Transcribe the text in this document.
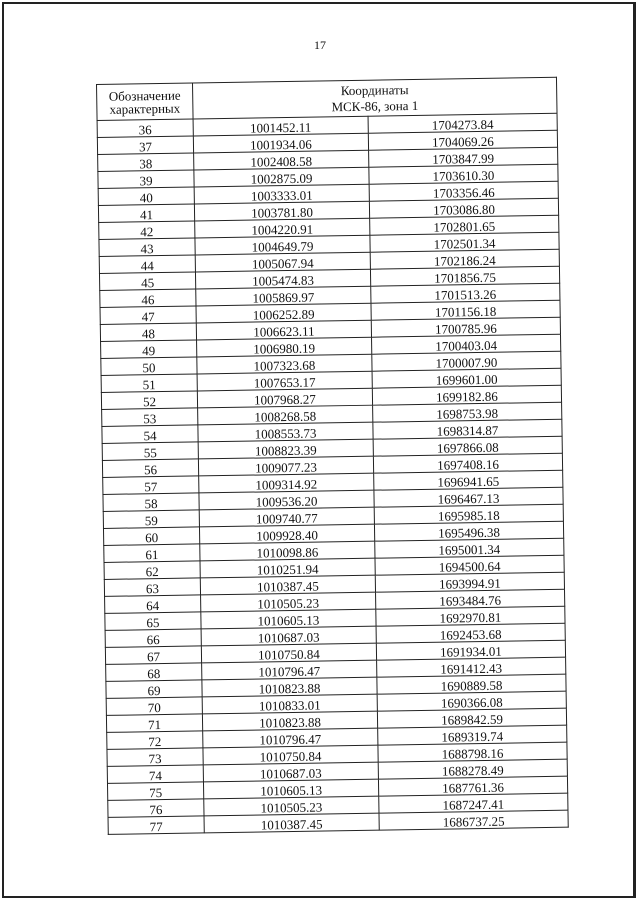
17
Обозначение характерных	Координаты
МСК-86, зона 1	

36	1001452.11	1704273.84
37	1001934.06	1704069.26
38	1002408.58	1703847.99
39	1002875.09	1703610.30
40	1003333.01	1703356.46
41	1003781.80	1703086.80
42	1004220.91	1702801.65
43	1004649.79	1702501.34
44	1005067.94	1702186.24
45	1005474.83	1701856.75
46	1005869.97	1701513.26
47	1006252.89	1701156.18
48	1006623.11	1700785.96
49	1006980.19	1700403.04
50	1007323.68	1700007.90
51	1007653.17	1699601.00
52	1007968.27	1699182.86
53	1008268.58	1698753.98
54	1008553.73	1698314.87
55	1008823.39	1697866.08
56	1009077.23	1697408.16
57	1009314.92	1696941.65
58	1009536.20	1696467.13
59	1009740.77	1695985.18
60	1009928.40	1695496.38
61	1010098.86	1695001.34
62	1010251.94	1694500.64
63	1010387.45	1693994.91
64	1010505.23	1693484.76
65	1010605.13	1692970.81
66	1010687.03	1692453.68
67	1010750.84	1691934.01
68	1010796.47	1691412.43
69	1010823.88	1690889.58
70	1010833.01	1690366.08
71	1010823.88	1689842.59
72	1010796.47	1689319.74
73	1010750.84	1688798.16
74	1010687.03	1688278.49
75	1010605.13	1687761.36
76	1010505.23	1687247.41
77	1010387.45	1686737.25
